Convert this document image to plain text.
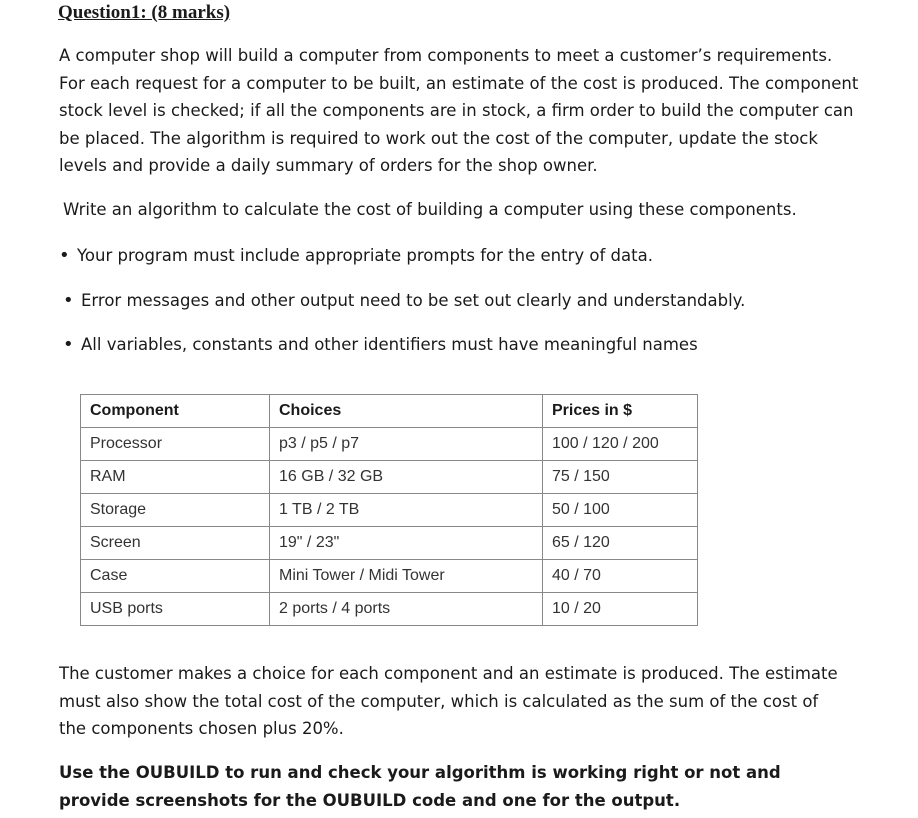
Question1: (8 marks)

A computer shop will build a computer from components to meet a customer’s requirements. For each request for a computer to be built, an estimate of the cost is produced. The component stock level is checked; if all the components are in stock, a firm order to build the computer can be placed. The algorithm is required to work out the cost of the computer, update the stock levels and provide a daily summary of orders for the shop owner.

Write an algorithm to calculate the cost of building a computer using these components.

• Your program must include appropriate prompts for the entry of data.

• Error messages and other output need to be set out clearly and understandably.

• All variables, constants and other identifiers must have meaningful names

Component	Choices	Prices in $
Processor	p3 / p5 / p7	100 / 120 / 200
RAM	16 GB / 32 GB	75 / 150
Storage	1 TB / 2 TB	50 / 100
Screen	19" / 23"	65 / 120
Case	Mini Tower / Midi Tower	40 / 70
USB ports	2 ports / 4 ports	10 / 20

The customer makes a choice for each component and an estimate is produced. The estimate must also show the total cost of the computer, which is calculated as the sum of the cost of the components chosen plus 20%.

Use the OUBUILD to run and check your algorithm is working right or not and provide screenshots for the OUBUILD code and one for the output.
